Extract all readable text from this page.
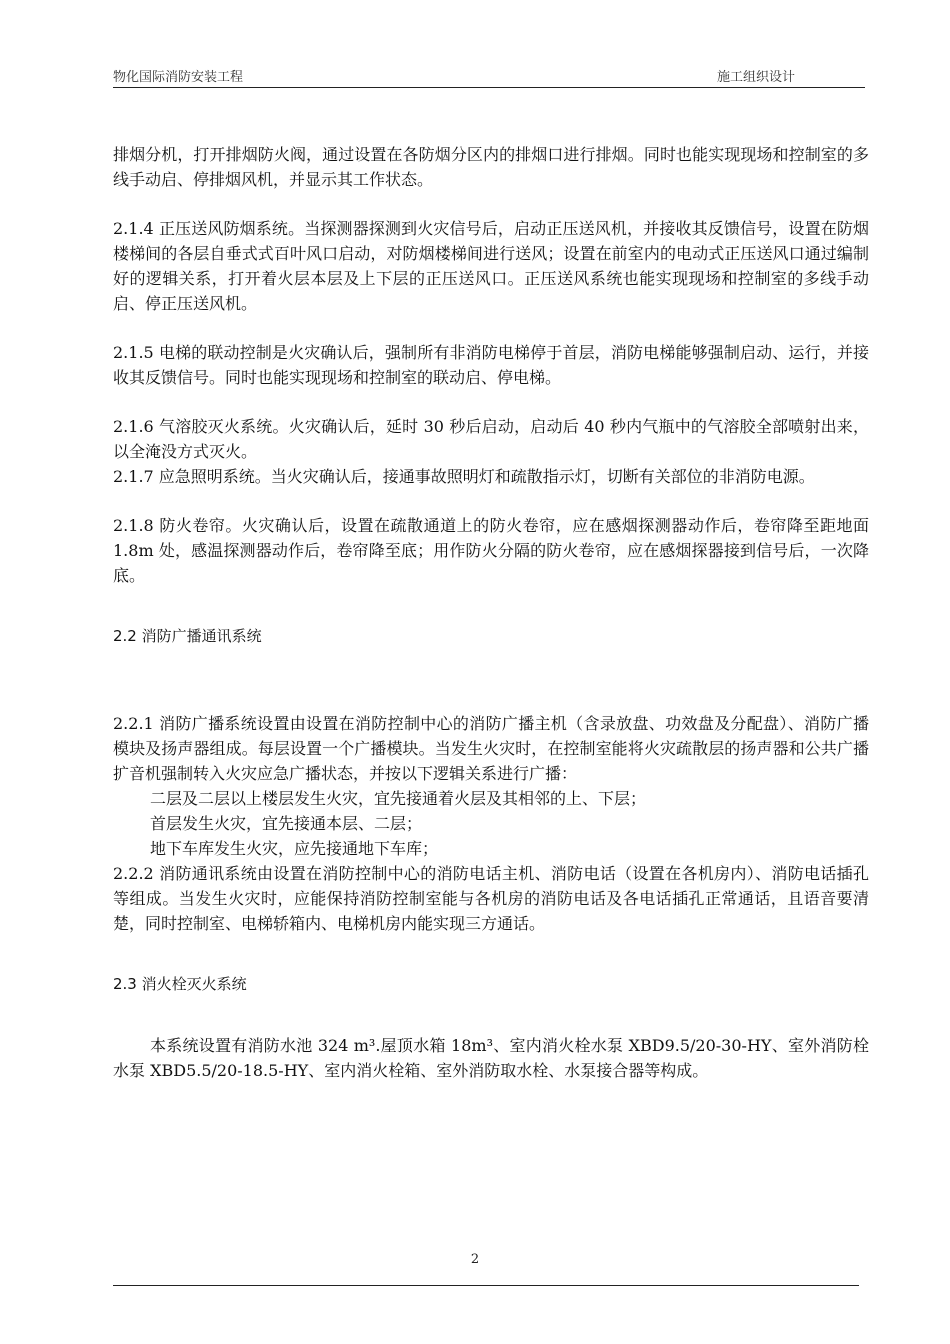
物化国际消防安装工程	施工组织设计

排烟分机，打开排烟防火阀，通过设置在各防烟分区内的排烟口进行排烟。同时也能实现现场和控制室的多线手动启、停排烟风机，并显示其工作状态。

2.1.4 正压送风防烟系统。当探测器探测到火灾信号后，启动正压送风机，并接收其反馈信号，设置在防烟楼梯间的各层自垂式式百叶风口启动，对防烟楼梯间进行送风；设置在前室内的电动式正压送风口通过编制好的逻辑关系，打开着火层本层及上下层的正压送风口。正压送风系统也能实现现场和控制室的多线手动启、停正压送风机。

2.1.5 电梯的联动控制是火灾确认后，强制所有非消防电梯停于首层，消防电梯能够强制启动、运行，并接收其反馈信号。同时也能实现现场和控制室的联动启、停电梯。

2.1.6 气溶胶灭火系统。火灾确认后，延时 30 秒后启动，启动后 40 秒内气瓶中的气溶胶全部喷射出来，以全淹没方式灭火。

2.1.7 应急照明系统。当火灾确认后，接通事故照明灯和疏散指示灯，切断有关部位的非消防电源。

2.1.8 防火卷帘。火灾确认后，设置在疏散通道上的防火卷帘，应在感烟探测器动作后，卷帘降至距地面 1.8m 处，感温探测器动作后，卷帘降至底；用作防火分隔的防火卷帘，应在感烟探器接到信号后，一次降底。

2.2 消防广播通讯系统

2.2.1 消防广播系统设置由设置在消防控制中心的消防广播主机（含录放盘、功效盘及分配盘）、消防广播模块及扬声器组成。每层设置一个广播模块。当发生火灾时，在控制室能将火灾疏散层的扬声器和公共广播扩音机强制转入火灾应急广播状态，并按以下逻辑关系进行广播：

二层及二层以上楼层发生火灾，宜先接通着火层及其相邻的上、下层；

首层发生火灾，宜先接通本层、二层；

地下车库发生火灾，应先接通地下车库；

2.2.2 消防通讯系统由设置在消防控制中心的消防电话主机、消防电话（设置在各机房内）、消防电话插孔等组成。当发生火灾时，应能保持消防控制室能与各机房的消防电话及各电话插孔正常通话，且语音要清楚，同时控制室、电梯轿箱内、电梯机房内能实现三方通话。

2.3 消火栓灭火系统

本系统设置有消防水池 324 m³.屋顶水箱 18m³、室内消火栓水泵 XBD9.5/20-30-HY、室外消防栓水泵 XBD5.5/20-18.5-HY、室内消火栓箱、室外消防取水栓、水泵接合器等构成。

2
